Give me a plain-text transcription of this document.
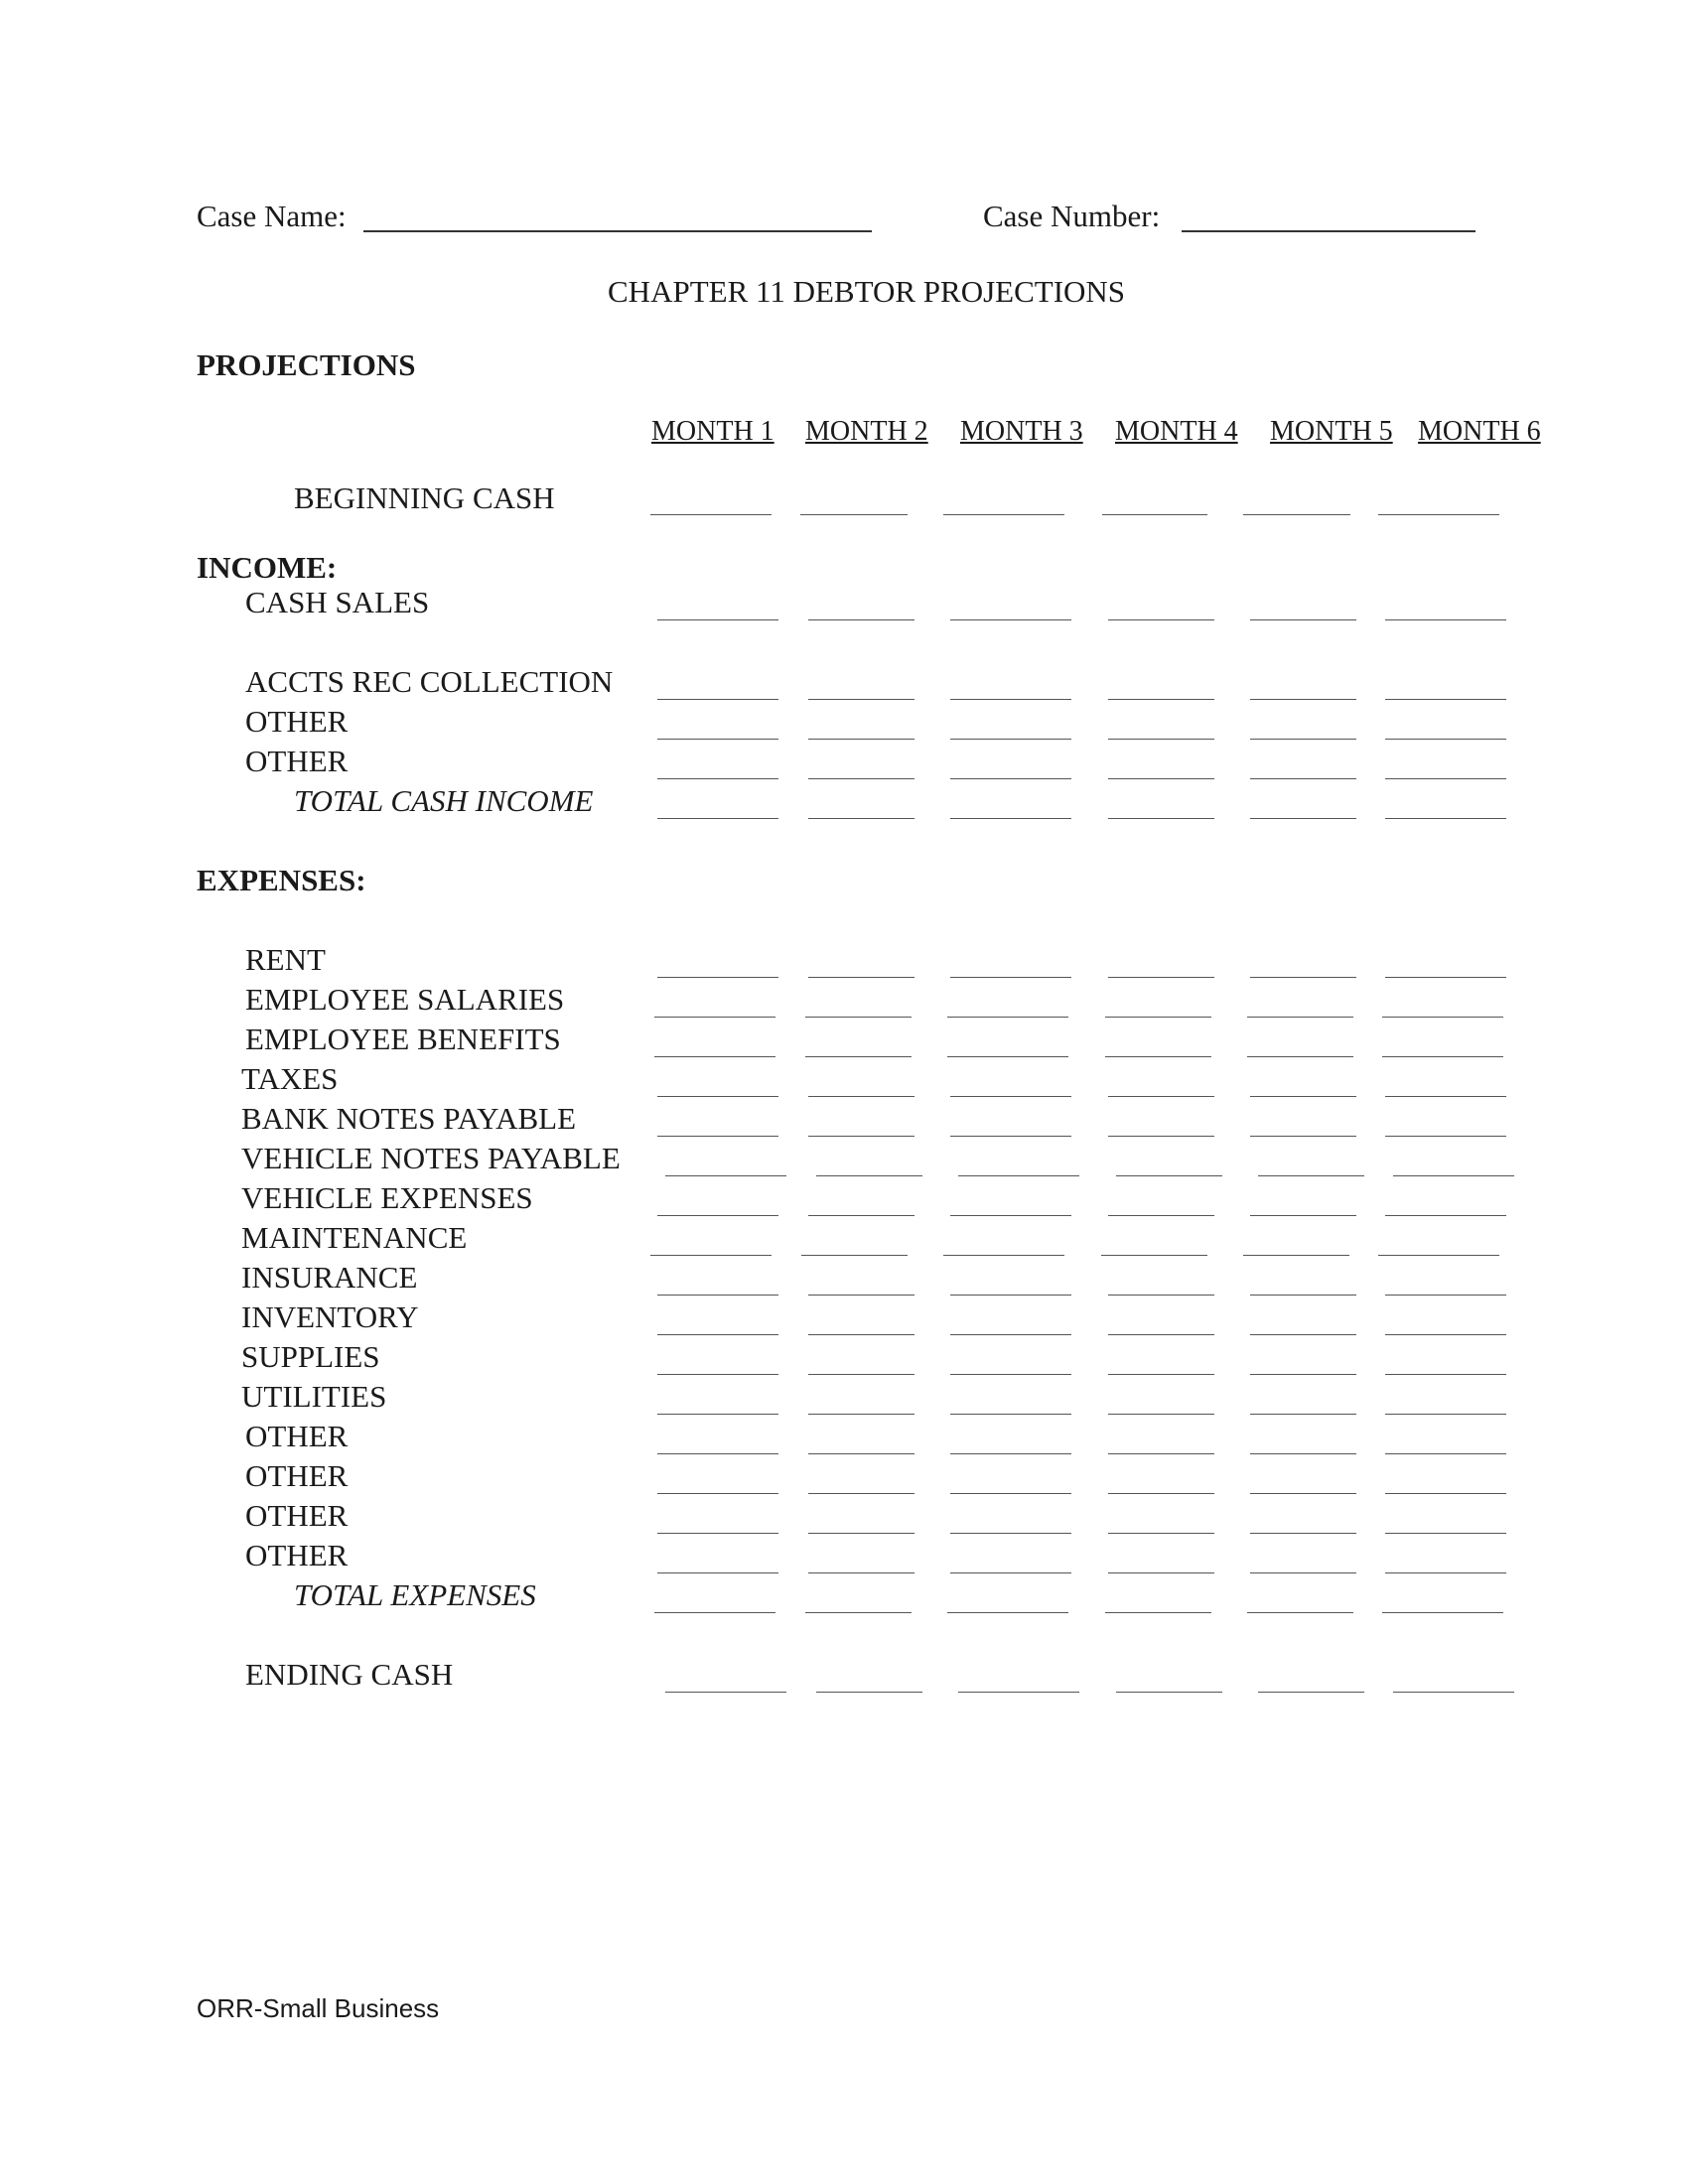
Case Name:	Case Number:
CHAPTER 11 DEBTOR PROJECTIONS
PROJECTIONS
MONTH 1 MONTH 2 MONTH 3 MONTH 4 MONTH 5 MONTH 6
BEGINNING CASH
INCOME:
CASH SALES
ACCTS REC COLLECTION
OTHER
OTHER
TOTAL CASH INCOME
EXPENSES:
RENT
EMPLOYEE SALARIES
EMPLOYEE BENEFITS
TAXES
BANK NOTES PAYABLE
VEHICLE NOTES PAYABLE
VEHICLE EXPENSES
MAINTENANCE
INSURANCE
INVENTORY
SUPPLIES
UTILITIES
OTHER
OTHER
OTHER
OTHER
TOTAL EXPENSES
ENDING CASH
ORR-Small Business
